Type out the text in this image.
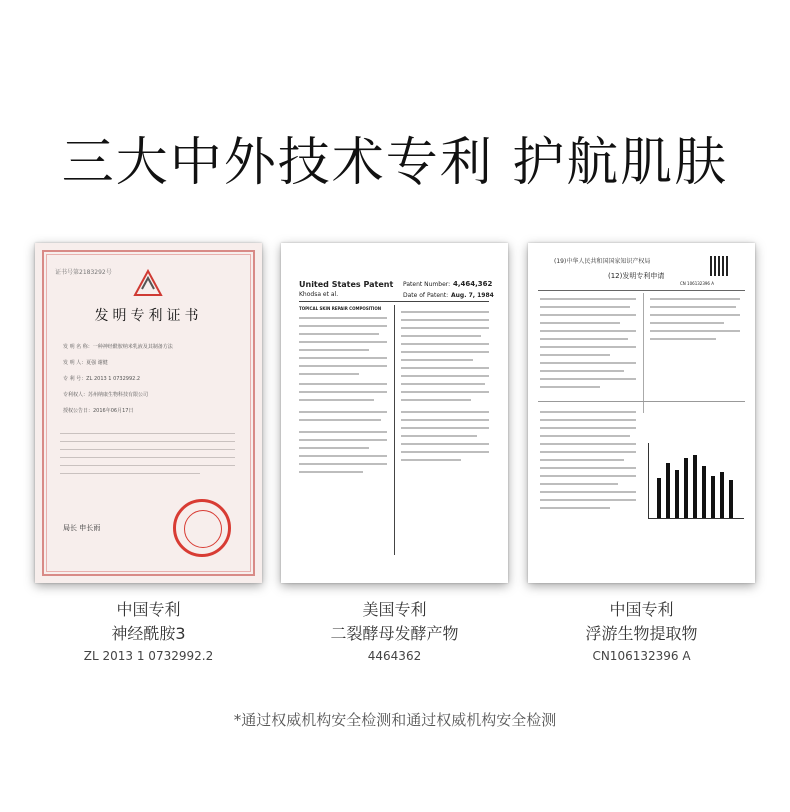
三大中外技术专利 护航肌肤
证书号第2183292号
发明专利证书
发 明 名 称：一种神经酰胺纳米乳液及其制备方法
发 明 人：夏强 谢健
专 利 号：ZL 2013 1 0732992.2
专利权人：苏州纳康生物科技有限公司
授权公告日：2016年06月17日
局长 申长雨
United States Patent
Khodsa et al.
Patent Number: 4,464,362
Date of Patent: Aug. 7, 1984
TOPICAL SKIN REPAIR COMPOSITION
(19)中华人民共和国国家知识产权局
(12)发明专利申请
CN 106132396 A
中国专利
神经酰胺3
ZL 2013 1 0732992.2
美国专利
二裂酵母发酵产物
4464362
中国专利
浮游生物提取物
CN106132396 A
*通过权威机构安全检测和通过权威机构安全检测
